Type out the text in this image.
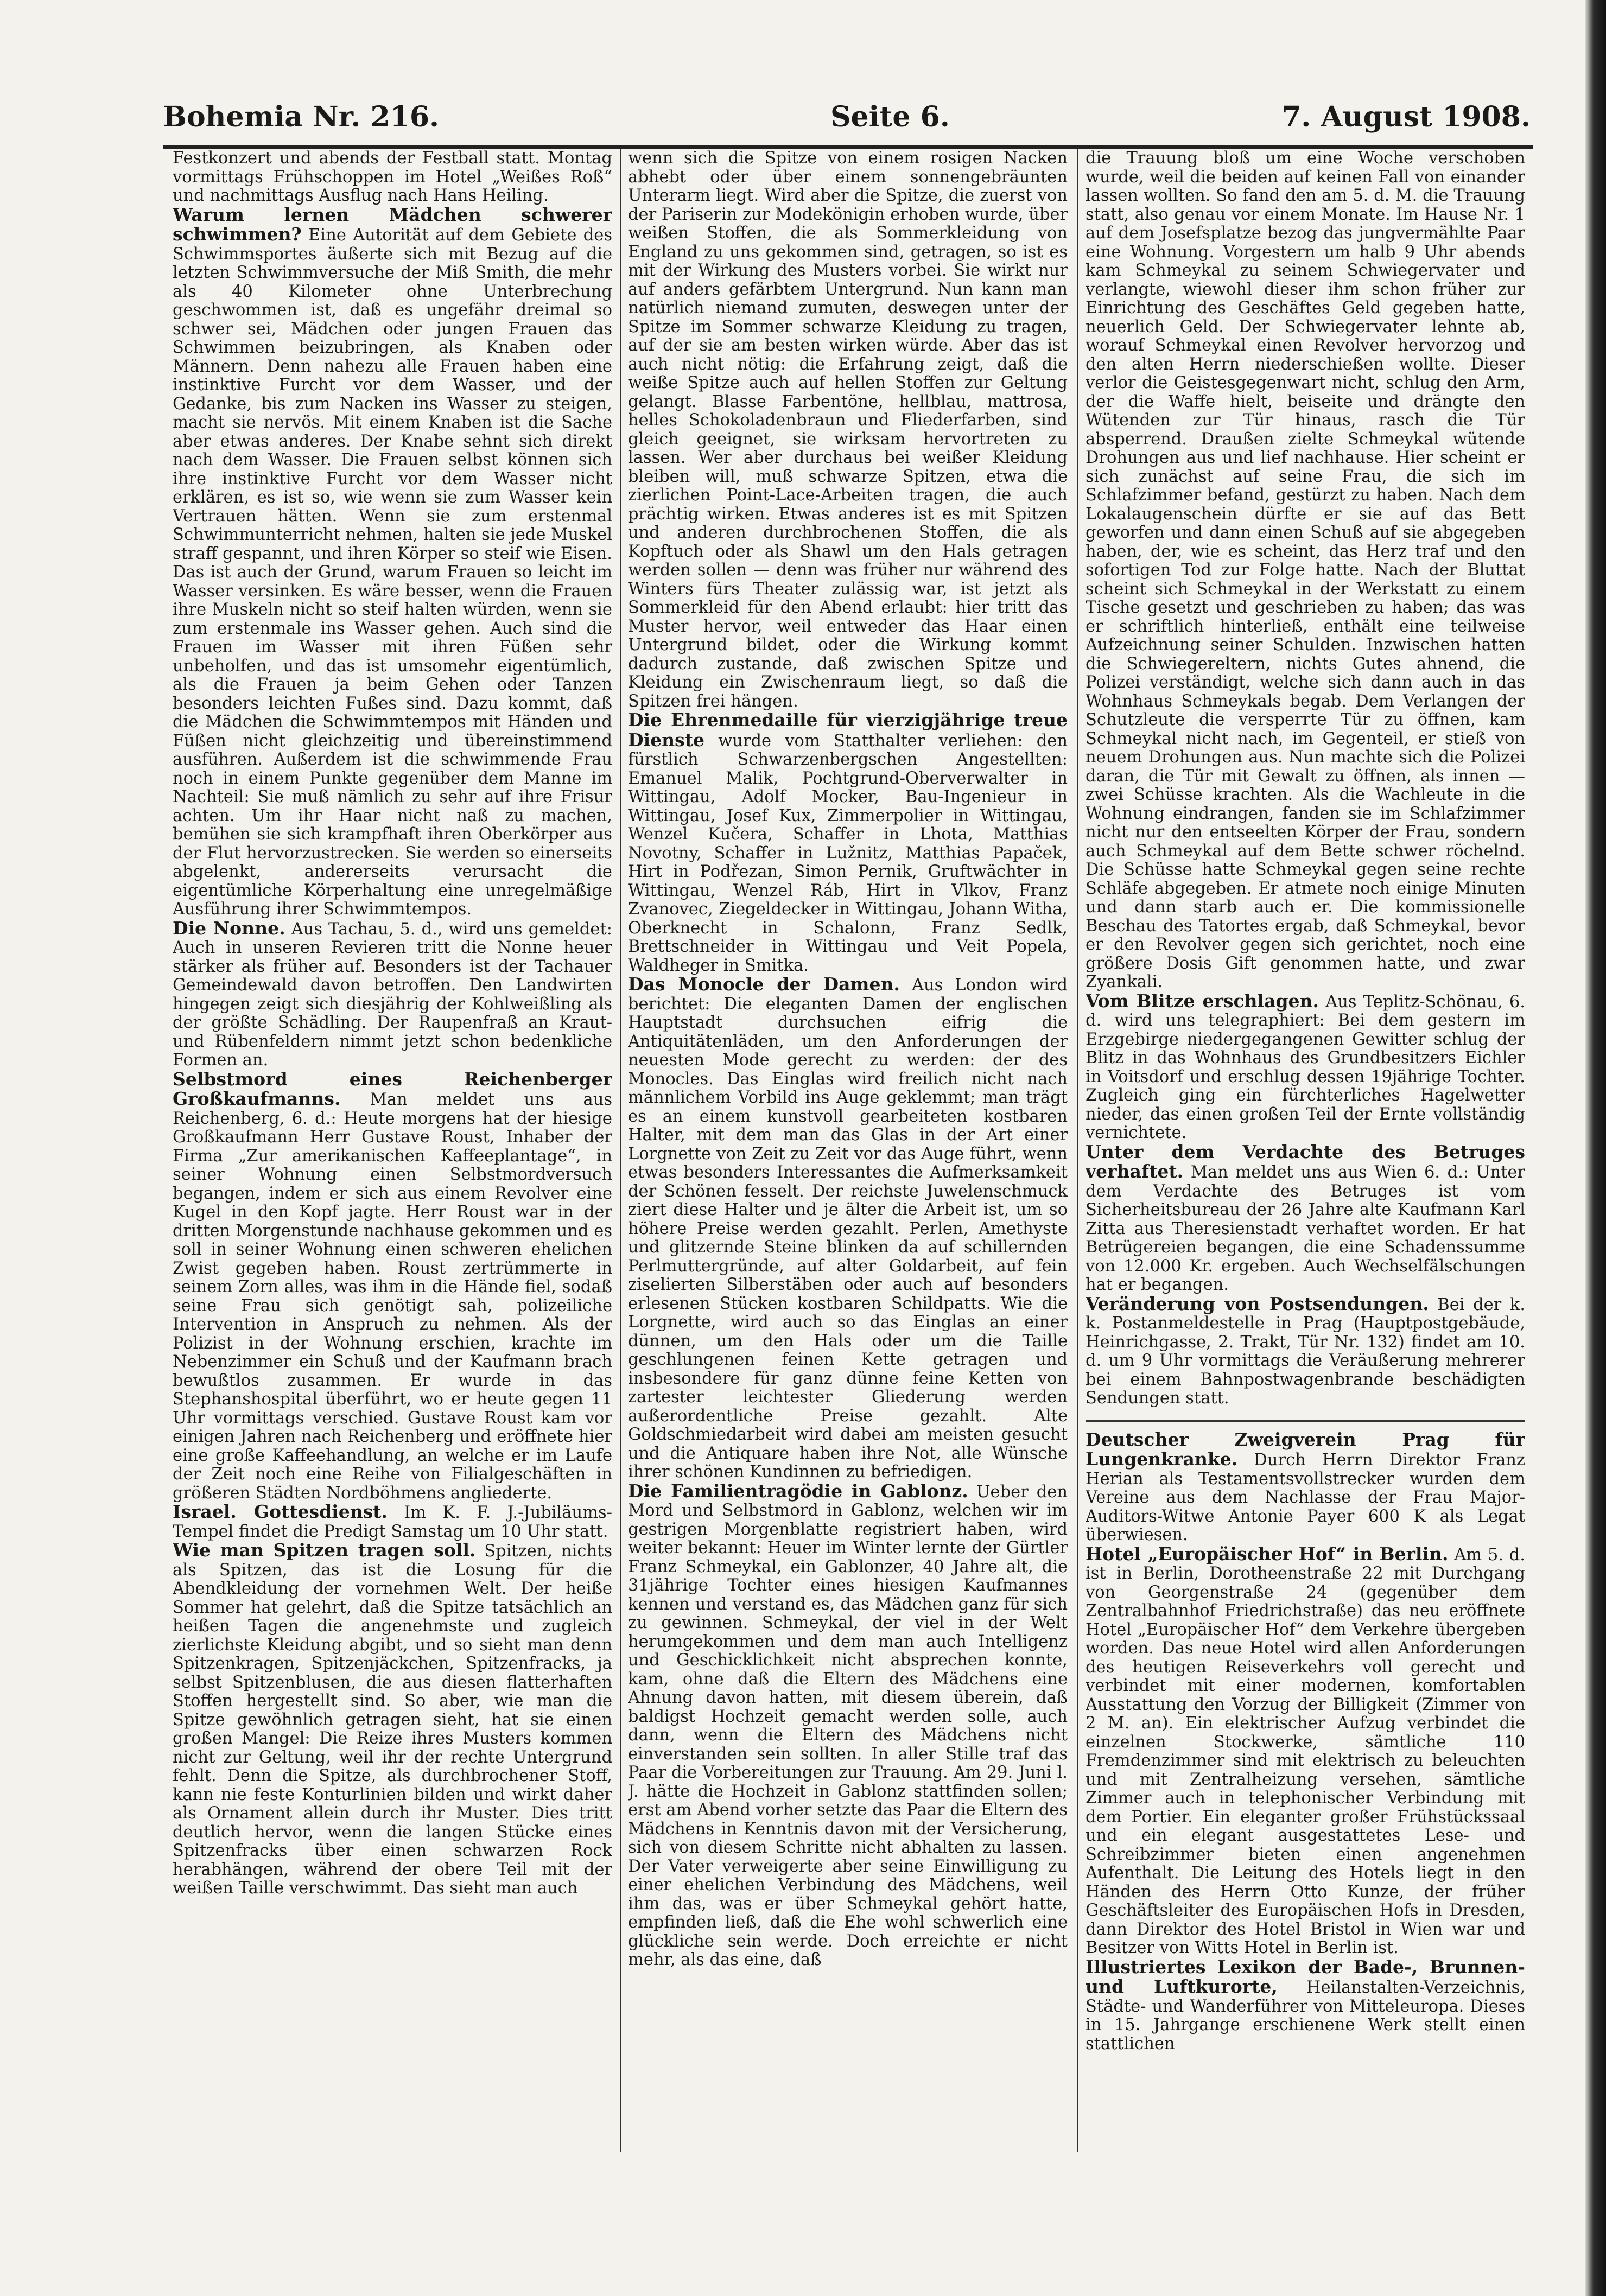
Bohemia Nr. 216.	Seite 6.	7. August 1908.

Festkonzert und abends der Festball statt. Montag vormittags Frühschoppen im Hotel „Weißes Roß“ und nachmittags Ausflug nach Hans Heiling.

Warum lernen Mädchen schwerer schwimmen? Eine Autorität auf dem Gebiete des Schwimmsportes äußerte sich mit Bezug auf die letzten Schwimmversuche der Miß Smith, die mehr als 40 Kilometer ohne Unterbrechung geschwommen ist, daß es ungefähr dreimal so schwer sei, Mädchen oder jungen Frauen das Schwimmen beizubringen, als Knaben oder Männern. Denn nahezu alle Frauen haben eine instinktive Furcht vor dem Wasser, und der Gedanke, bis zum Nacken ins Wasser zu steigen, macht sie nervös. Mit einem Knaben ist die Sache aber etwas anderes. Der Knabe sehnt sich direkt nach dem Wasser. Die Frauen selbst können sich ihre instinktive Furcht vor dem Wasser nicht erklären, es ist so, wie wenn sie zum Wasser kein Vertrauen hätten. Wenn sie zum erstenmal Schwimmunterricht nehmen, halten sie jede Muskel straff gespannt, und ihren Körper so steif wie Eisen. Das ist auch der Grund, warum Frauen so leicht im Wasser versinken. Es wäre besser, wenn die Frauen ihre Muskeln nicht so steif halten würden, wenn sie zum erstenmale ins Wasser gehen. Auch sind die Frauen im Wasser mit ihren Füßen sehr unbeholfen, und das ist umsomehr eigentümlich, als die Frauen ja beim Gehen oder Tanzen besonders leichten Fußes sind. Dazu kommt, daß die Mädchen die Schwimmtempos mit Händen und Füßen nicht gleichzeitig und übereinstimmend ausführen. Außerdem ist die schwimmende Frau noch in einem Punkte gegenüber dem Manne im Nachteil: Sie muß nämlich zu sehr auf ihre Frisur achten. Um ihr Haar nicht naß zu machen, bemühen sie sich krampfhaft ihren Oberkörper aus der Flut hervorzustrecken. Sie werden so einerseits abgelenkt, andererseits verursacht die eigentümliche Körperhaltung eine unregelmäßige Ausführung ihrer Schwimmtempos.

Die Nonne. Aus Tachau, 5. d., wird uns gemeldet: Auch in unseren Revieren tritt die Nonne heuer stärker als früher auf. Besonders ist der Tachauer Gemeindewald davon betroffen. Den Landwirten hingegen zeigt sich diesjährig der Kohlweißling als der größte Schädling. Der Raupenfraß an Kraut- und Rübenfeldern nimmt jetzt schon bedenkliche Formen an.

Selbstmord eines Reichenberger Großkaufmanns. Man meldet uns aus Reichenberg, 6. d.: Heute morgens hat der hiesige Großkaufmann Herr Gustave Roust, Inhaber der Firma „Zur amerikanischen Kaffeeplantage“, in seiner Wohnung einen Selbstmordversuch begangen, indem er sich aus einem Revolver eine Kugel in den Kopf jagte. Herr Roust war in der dritten Morgenstunde nachhause gekommen und es soll in seiner Wohnung einen schweren ehelichen Zwist gegeben haben. Roust zertrümmerte in seinem Zorn alles, was ihm in die Hände fiel, sodaß seine Frau sich genötigt sah, polizeiliche Intervention in Anspruch zu nehmen. Als der Polizist in der Wohnung erschien, krachte im Nebenzimmer ein Schuß und der Kaufmann brach bewußtlos zusammen. Er wurde in das Stephanshospital überführt, wo er heute gegen 11 Uhr vormittags verschied. Gustave Roust kam vor einigen Jahren nach Reichenberg und eröffnete hier eine große Kaffeehandlung, an welche er im Laufe der Zeit noch eine Reihe von Filialgeschäften in größeren Städten Nordböhmens angliederte.

Israel. Gottesdienst. Im K. F. J.-Jubiläums-Tempel findet die Predigt Samstag um 10 Uhr statt.

Wie man Spitzen tragen soll. Spitzen, nichts als Spitzen, das ist die Losung für die Abendkleidung der vornehmen Welt. Der heiße Sommer hat gelehrt, daß die Spitze tatsächlich an heißen Tagen die angenehmste und zugleich zierlichste Kleidung abgibt, und so sieht man denn Spitzenkragen, Spitzenjäckchen, Spitzenfracks, ja selbst Spitzenblusen, die aus diesen flatterhaften Stoffen hergestellt sind. So aber, wie man die Spitze gewöhnlich getragen sieht, hat sie einen großen Mangel: Die Reize ihres Musters kommen nicht zur Geltung, weil ihr der rechte Untergrund fehlt. Denn die Spitze, als durchbrochener Stoff, kann nie feste Konturlinien bilden und wirkt daher als Ornament allein durch ihr Muster. Dies tritt deutlich hervor, wenn die langen Stücke eines Spitzenfracks über einen schwarzen Rock herabhängen, während der obere Teil mit der weißen Taille verschwimmt. Das sieht man auch

wenn sich die Spitze von einem rosigen Nacken abhebt oder über einem sonnengebräunten Unterarm liegt. Wird aber die Spitze, die zuerst von der Pariserin zur Modekönigin erhoben wurde, über weißen Stoffen, die als Sommerkleidung von England zu uns gekommen sind, getragen, so ist es mit der Wirkung des Musters vorbei. Sie wirkt nur auf anders gefärbtem Untergrund. Nun kann man natürlich niemand zumuten, deswegen unter der Spitze im Sommer schwarze Kleidung zu tragen, auf der sie am besten wirken würde. Aber das ist auch nicht nötig: die Erfahrung zeigt, daß die weiße Spitze auch auf hellen Stoffen zur Geltung gelangt. Blasse Farbentöne, hellblau, mattrosa, helles Schokoladenbraun und Fliederfarben, sind gleich geeignet, sie wirksam hervortreten zu lassen. Wer aber durchaus bei weißer Kleidung bleiben will, muß schwarze Spitzen, etwa die zierlichen Point-Lace-Arbeiten tragen, die auch prächtig wirken. Etwas anderes ist es mit Spitzen und anderen durchbrochenen Stoffen, die als Kopftuch oder als Shawl um den Hals getragen werden sollen — denn was früher nur während des Winters fürs Theater zulässig war, ist jetzt als Sommerkleid für den Abend erlaubt: hier tritt das Muster hervor, weil entweder das Haar einen Untergrund bildet, oder die Wirkung kommt dadurch zustande, daß zwischen Spitze und Kleidung ein Zwischenraum liegt, so daß die Spitzen frei hängen.

Die Ehrenmedaille für vierzigjährige treue Dienste wurde vom Statthalter verliehen: den fürstlich Schwarzenbergschen Angestellten: Emanuel Malik, Pochtgrund-Oberverwalter in Wittingau, Adolf Mocker, Bau-Ingenieur in Wittingau, Josef Kux, Zimmerpolier in Wittingau, Wenzel Kučera, Schaffer in Lhota, Matthias Novotny, Schaffer in Lužnitz, Matthias Papaček, Hirt in Podřezan, Simon Pernik, Gruftwächter in Wittingau, Wenzel Ráb, Hirt in Vlkov, Franz Zvanovec, Ziegeldecker in Wittingau, Johann Witha, Oberknecht in Schalonn, Franz Sedlk, Brettschneider in Wittingau und Veit Popela, Waldheger in Smitka.

Das Monocle der Damen. Aus London wird berichtet: Die eleganten Damen der englischen Hauptstadt durchsuchen eifrig die Antiquitätenläden, um den Anforderungen der neuesten Mode gerecht zu werden: der des Monocles. Das Einglas wird freilich nicht nach männlichem Vorbild ins Auge geklemmt; man trägt es an einem kunstvoll gearbeiteten kostbaren Halter, mit dem man das Glas in der Art einer Lorgnette von Zeit zu Zeit vor das Auge führt, wenn etwas besonders Interessantes die Aufmerksamkeit der Schönen fesselt. Der reichste Juwelenschmuck ziert diese Halter und je älter die Arbeit ist, um so höhere Preise werden gezahlt. Perlen, Amethyste und glitzernde Steine blinken da auf schillernden Perlmuttergründe, auf alter Goldarbeit, auf fein ziselierten Silberstäben oder auch auf besonders erlesenen Stücken kostbaren Schildpatts. Wie die Lorgnette, wird auch so das Einglas an einer dünnen, um den Hals oder um die Taille geschlungenen feinen Kette getragen und insbesondere für ganz dünne feine Ketten von zartester leichtester Gliederung werden außerordentliche Preise gezahlt. Alte Goldschmiedarbeit wird dabei am meisten gesucht und die Antiquare haben ihre Not, alle Wünsche ihrer schönen Kundinnen zu befriedigen.

Die Familientragödie in Gablonz. Ueber den Mord und Selbstmord in Gablonz, welchen wir im gestrigen Morgenblatte registriert haben, wird weiter bekannt: Heuer im Winter lernte der Gürtler Franz Schmeykal, ein Gablonzer, 40 Jahre alt, die 31jährige Tochter eines hiesigen Kaufmannes kennen und verstand es, das Mädchen ganz für sich zu gewinnen. Schmeykal, der viel in der Welt herumgekommen und dem man auch Intelligenz und Geschicklichkeit nicht absprechen konnte, kam, ohne daß die Eltern des Mädchens eine Ahnung davon hatten, mit diesem überein, daß baldigst Hochzeit gemacht werden solle, auch dann, wenn die Eltern des Mädchens nicht einverstanden sein sollten. In aller Stille traf das Paar die Vorbereitungen zur Trauung. Am 29. Juni l. J. hätte die Hochzeit in Gablonz stattfinden sollen; erst am Abend vorher setzte das Paar die Eltern des Mädchens in Kenntnis davon mit der Versicherung, sich von diesem Schritte nicht abhalten zu lassen. Der Vater verweigerte aber seine Einwilligung zu einer ehelichen Verbindung des Mädchens, weil ihm das, was er über Schmeykal gehört hatte, empfinden ließ, daß die Ehe wohl schwerlich eine glückliche sein werde. Doch erreichte er nicht mehr, als das eine, daß

die Trauung bloß um eine Woche verschoben wurde, weil die beiden auf keinen Fall von einander lassen wollten. So fand den am 5. d. M. die Trauung statt, also genau vor einem Monate. Im Hause Nr. 1 auf dem Josefsplatze bezog das jungvermählte Paar eine Wohnung. Vorgestern um halb 9 Uhr abends kam Schmeykal zu seinem Schwiegervater und verlangte, wiewohl dieser ihm schon früher zur Einrichtung des Geschäftes Geld gegeben hatte, neuerlich Geld. Der Schwiegervater lehnte ab, worauf Schmeykal einen Revolver hervorzog und den alten Herrn niederschießen wollte. Dieser verlor die Geistesgegenwart nicht, schlug den Arm, der die Waffe hielt, beiseite und drängte den Wütenden zur Tür hinaus, rasch die Tür absperrend. Draußen zielte Schmeykal wütende Drohungen aus und lief nachhause. Hier scheint er sich zunächst auf seine Frau, die sich im Schlafzimmer befand, gestürzt zu haben. Nach dem Lokalaugenschein dürfte er sie auf das Bett geworfen und dann einen Schuß auf sie abgegeben haben, der, wie es scheint, das Herz traf und den sofortigen Tod zur Folge hatte. Nach der Bluttat scheint sich Schmeykal in der Werkstatt zu einem Tische gesetzt und geschrieben zu haben; das was er schriftlich hinterließ, enthält eine teilweise Aufzeichnung seiner Schulden. Inzwischen hatten die Schwiegereltern, nichts Gutes ahnend, die Polizei verständigt, welche sich dann auch in das Wohnhaus Schmeykals begab. Dem Verlangen der Schutzleute die versperrte Tür zu öffnen, kam Schmeykal nicht nach, im Gegenteil, er stieß von neuem Drohungen aus. Nun machte sich die Polizei daran, die Tür mit Gewalt zu öffnen, als innen — zwei Schüsse krachten. Als die Wachleute in die Wohnung eindrangen, fanden sie im Schlafzimmer nicht nur den entseelten Körper der Frau, sondern auch Schmeykal auf dem Bette schwer röchelnd. Die Schüsse hatte Schmeykal gegen seine rechte Schläfe abgegeben. Er atmete noch einige Minuten und dann starb auch er. Die kommissionelle Beschau des Tatortes ergab, daß Schmeykal, bevor er den Revolver gegen sich gerichtet, noch eine größere Dosis Gift genommen hatte, und zwar Zyankali.

Vom Blitze erschlagen. Aus Teplitz-Schönau, 6. d. wird uns telegraphiert: Bei dem gestern im Erzgebirge niedergegangenen Gewitter schlug der Blitz in das Wohnhaus des Grundbesitzers Eichler in Voitsdorf und erschlug dessen 19jährige Tochter. Zugleich ging ein fürchterliches Hagelwetter nieder, das einen großen Teil der Ernte vollständig vernichtete.

Unter dem Verdachte des Betruges verhaftet. Man meldet uns aus Wien 6. d.: Unter dem Verdachte des Betruges ist vom Sicherheitsbureau der 26 Jahre alte Kaufmann Karl Zitta aus Theresienstadt verhaftet worden. Er hat Betrügereien begangen, die eine Schadenssumme von 12.000 Kr. ergeben. Auch Wechselfälschungen hat er begangen.

Veränderung von Postsendungen. Bei der k. k. Postanmeldestelle in Prag (Hauptpostgebäude, Heinrichgasse, 2. Trakt, Tür Nr. 132) findet am 10. d. um 9 Uhr vormittags die Veräußerung mehrerer bei einem Bahnpostwagenbrande beschädigten Sendungen statt.

Deutscher Zweigverein Prag für Lungenkranke. Durch Herrn Direktor Franz Herian als Testamentsvollstrecker wurden dem Vereine aus dem Nachlasse der Frau Major-Auditors-Witwe Antonie Payer 600 K als Legat überwiesen.

Hotel „Europäischer Hof“ in Berlin. Am 5. d. ist in Berlin, Dorotheenstraße 22 mit Durchgang von Georgenstraße 24 (gegenüber dem Zentralbahnhof Friedrichstraße) das neu eröffnete Hotel „Europäischer Hof“ dem Verkehre übergeben worden. Das neue Hotel wird allen Anforderungen des heutigen Reiseverkehrs voll gerecht und verbindet mit einer modernen, komfortablen Ausstattung den Vorzug der Billigkeit (Zimmer von 2 M. an). Ein elektrischer Aufzug verbindet die einzelnen Stockwerke, sämtliche 110 Fremdenzimmer sind mit elektrisch zu beleuchten und mit Zentralheizung versehen, sämtliche Zimmer auch in telephonischer Verbindung mit dem Portier. Ein eleganter großer Frühstückssaal und ein elegant ausgestattetes Lese- und Schreibzimmer bieten einen angenehmen Aufenthalt. Die Leitung des Hotels liegt in den Händen des Herrn Otto Kunze, der früher Geschäftsleiter des Europäischen Hofs in Dresden, dann Direktor des Hotel Bristol in Wien war und Besitzer von Witts Hotel in Berlin ist.

Illustriertes Lexikon der Bade-, Brunnen- und Luftkurorte, Heilanstalten-Verzeichnis, Städte- und Wanderführer von Mitteleuropa. Dieses in 15. Jahrgange erschienene Werk stellt einen stattlichen
